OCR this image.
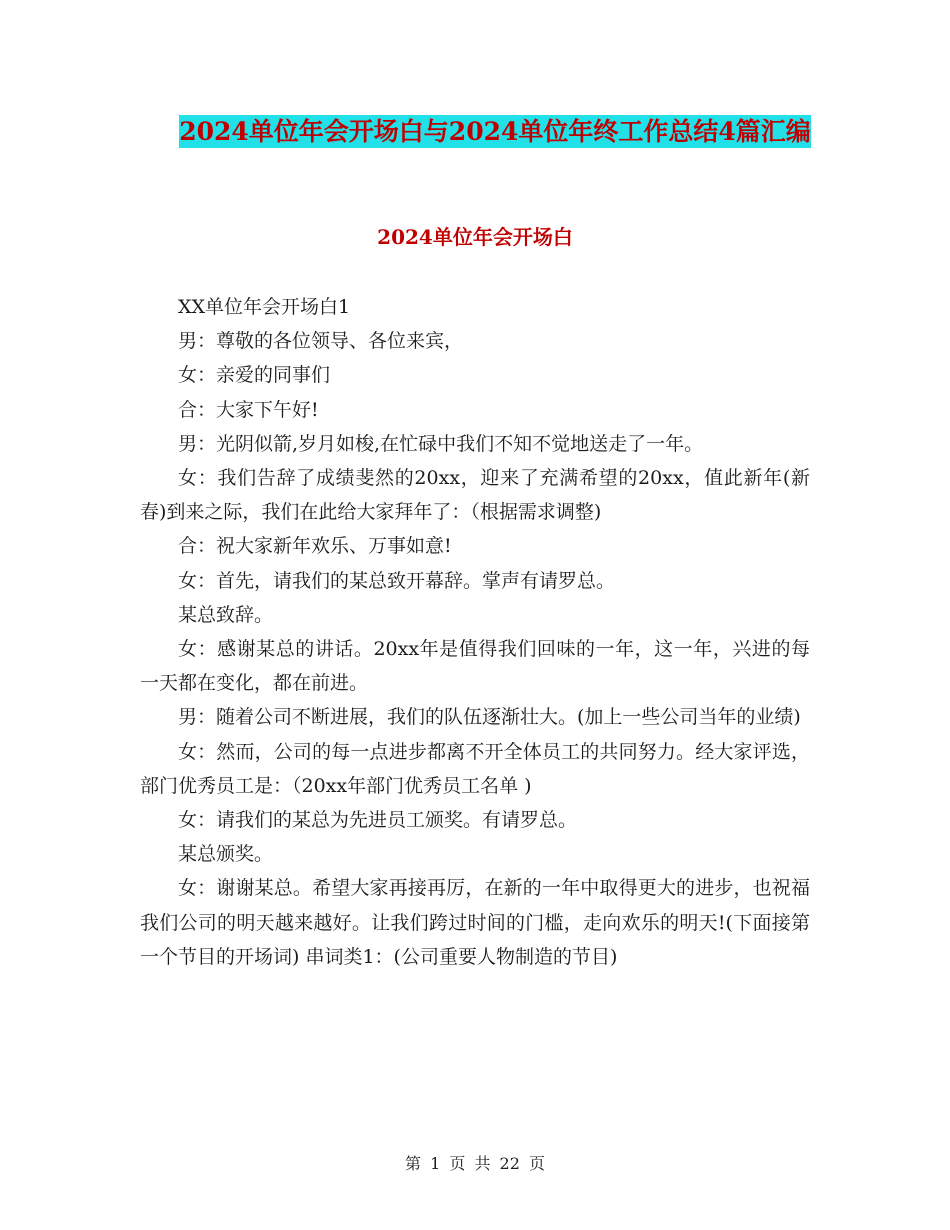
2024单位年会开场白与2024单位年终工作总结4篇汇编
2024单位年会开场白

XX单位年会开场白1

男：尊敬的各位领导、各位来宾，

女：亲爱的同事们

合：大家下午好!

男：光阴似箭,岁月如梭,在忙碌中我们不知不觉地送走了一年。

女：我们告辞了成绩斐然的20xx，迎来了充满希望的20xx，值此新年(新春)到来之际，我们在此给大家拜年了：（根据需求调整)

合：祝大家新年欢乐、万事如意!

女：首先，请我们的某总致开幕辞。掌声有请罗总。

某总致辞。

女：感谢某总的讲话。20xx年是值得我们回味的一年，这一年，兴进的每一天都在变化，都在前进。

男：随着公司不断进展，我们的队伍逐渐壮大。(加上一些公司当年的业绩)

女：然而，公司的每一点进步都离不开全体员工的共同努力。经大家评选，部门优秀员工是：（20xx年部门优秀员工名单 )

女：请我们的某总为先进员工颁奖。有请罗总。

某总颁奖。

女：谢谢某总。希望大家再接再厉，在新的一年中取得更大的进步，也祝福我们公司的明天越来越好。让我们跨过时间的门槛，走向欢乐的明天!(下面接第一个节目的开场词) 串词类1：(公司重要人物制造的节目)

第 1 页 共 22 页
